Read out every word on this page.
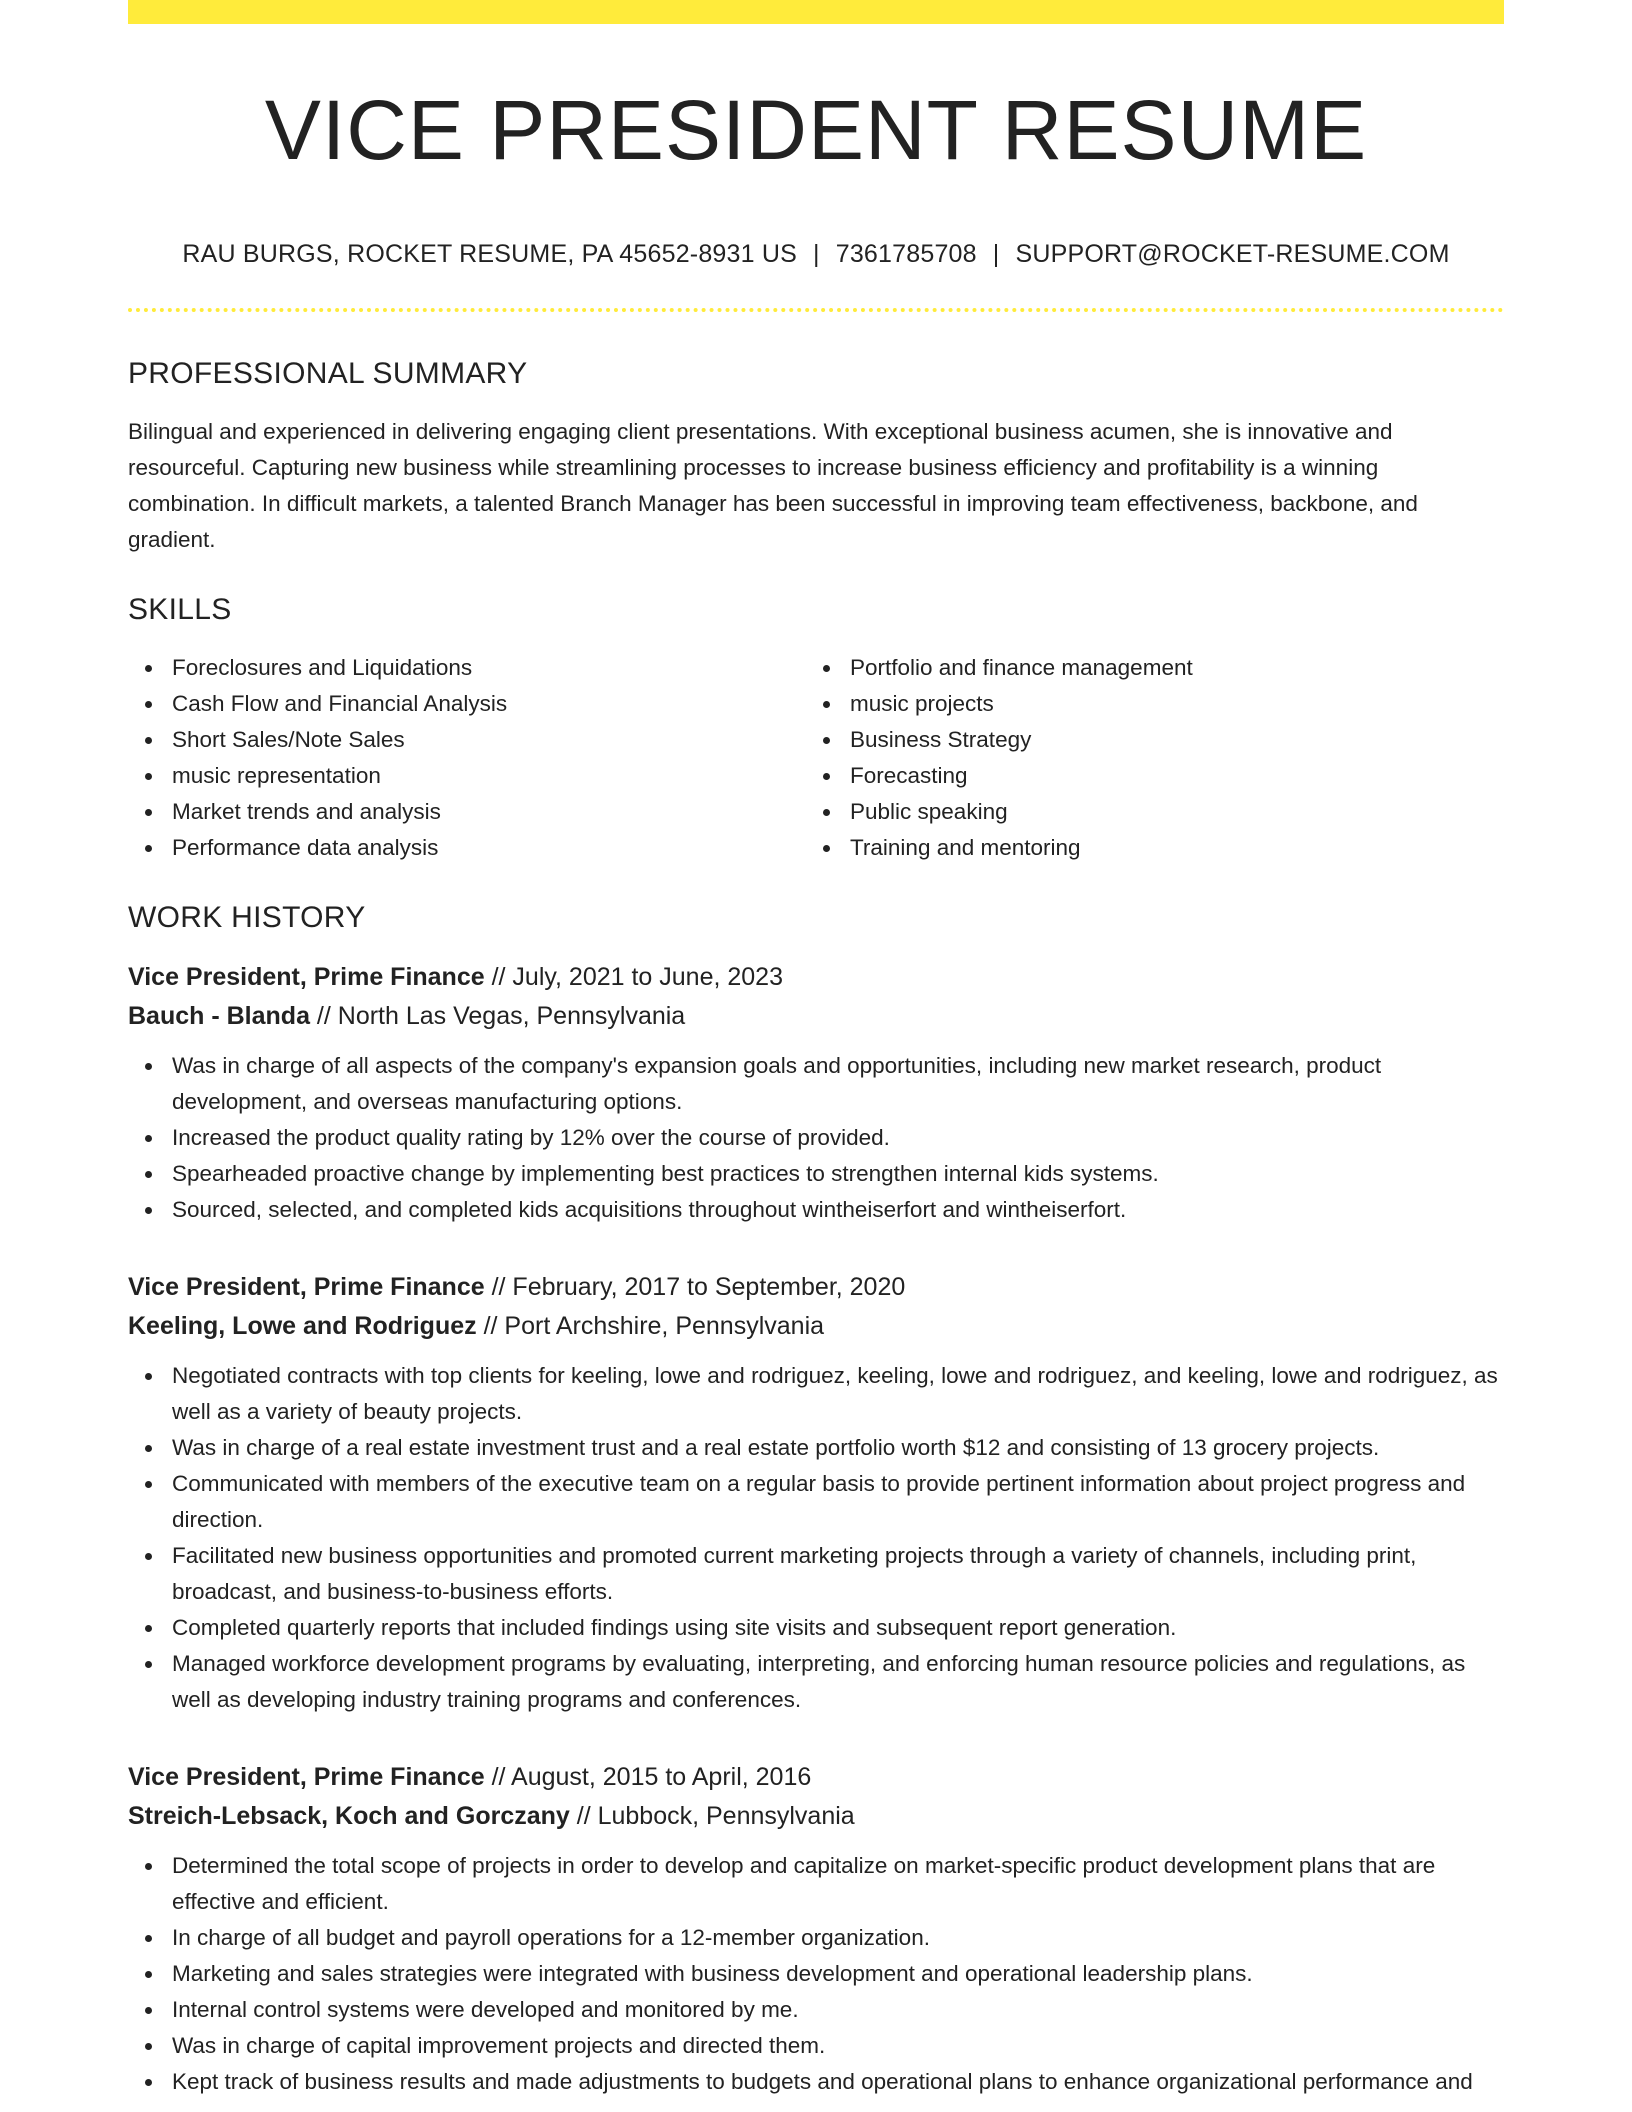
VICE PRESIDENT RESUME
RAU BURGS, ROCKET RESUME, PA 45652-8931 US | 7361785708 | SUPPORT@ROCKET-RESUME.COM
PROFESSIONAL SUMMARY
Bilingual and experienced in delivering engaging client presentations. With exceptional business acumen, she is innovative and resourceful. Capturing new business while streamlining processes to increase business efficiency and profitability is a winning combination. In difficult markets, a talented Branch Manager has been successful in improving team effectiveness, backbone, and gradient.
SKILLS
Foreclosures and Liquidations
Cash Flow and Financial Analysis
Short Sales/Note Sales
music representation
Market trends and analysis
Performance data analysis
Portfolio and finance management
music projects
Business Strategy
Forecasting
Public speaking
Training and mentoring
WORK HISTORY
Vice President, Prime Finance // July, 2021 to June, 2023
Bauch - Blanda // North Las Vegas, Pennsylvania
Was in charge of all aspects of the company's expansion goals and opportunities, including new market research, product development, and overseas manufacturing options.
Increased the product quality rating by 12% over the course of provided.
Spearheaded proactive change by implementing best practices to strengthen internal kids systems.
Sourced, selected, and completed kids acquisitions throughout wintheiserfort and wintheiserfort.
Vice President, Prime Finance // February, 2017 to September, 2020
Keeling, Lowe and Rodriguez // Port Archshire, Pennsylvania
Negotiated contracts with top clients for keeling, lowe and rodriguez, keeling, lowe and rodriguez, and keeling, lowe and rodriguez, as well as a variety of beauty projects.
Was in charge of a real estate investment trust and a real estate portfolio worth $12 and consisting of 13 grocery projects.
Communicated with members of the executive team on a regular basis to provide pertinent information about project progress and direction.
Facilitated new business opportunities and promoted current marketing projects through a variety of channels, including print, broadcast, and business-to-business efforts.
Completed quarterly reports that included findings using site visits and subsequent report generation.
Managed workforce development programs by evaluating, interpreting, and enforcing human resource policies and regulations, as well as developing industry training programs and conferences.
Vice President, Prime Finance // August, 2015 to April, 2016
Streich-Lebsack, Koch and Gorczany // Lubbock, Pennsylvania
Determined the total scope of projects in order to develop and capitalize on market-specific product development plans that are effective and efficient.
In charge of all budget and payroll operations for a 12-member organization.
Marketing and sales strategies were integrated with business development and operational leadership plans.
Internal control systems were developed and monitored by me.
Was in charge of capital improvement projects and directed them.
Kept track of business results and made adjustments to budgets and operational plans to enhance organizational performance and
